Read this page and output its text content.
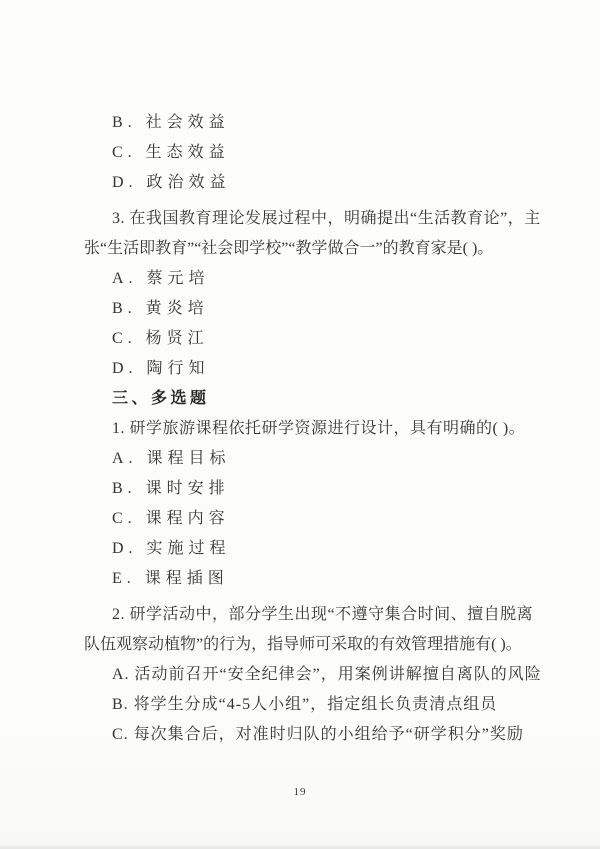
B. 社会效益
C. 生态效益
D. 政治效益
3. 在我国教育理论发展过程中，明确提出“生活教育论”，主
张“生活即教育”“社会即学校”“教学做合一”的教育家是( )。
A. 蔡元培
B. 黄炎培
C. 杨贤江
D. 陶行知
三、多选题
1. 研学旅游课程依托研学资源进行设计，具有明确的( )。
A. 课程目标
B. 课时安排
C. 课程内容
D. 实施过程
E. 课程插图
2. 研学活动中，部分学生出现“不遵守集合时间、擅自脱离
队伍观察动植物”的行为，指导师可采取的有效管理措施有( )。
A. 活动前召开“安全纪律会”，用案例讲解擅自离队的风险
B. 将学生分成“4-5人小组”，指定组长负责清点组员
C. 每次集合后，对准时归队的小组给予“研学积分”奖励
19
